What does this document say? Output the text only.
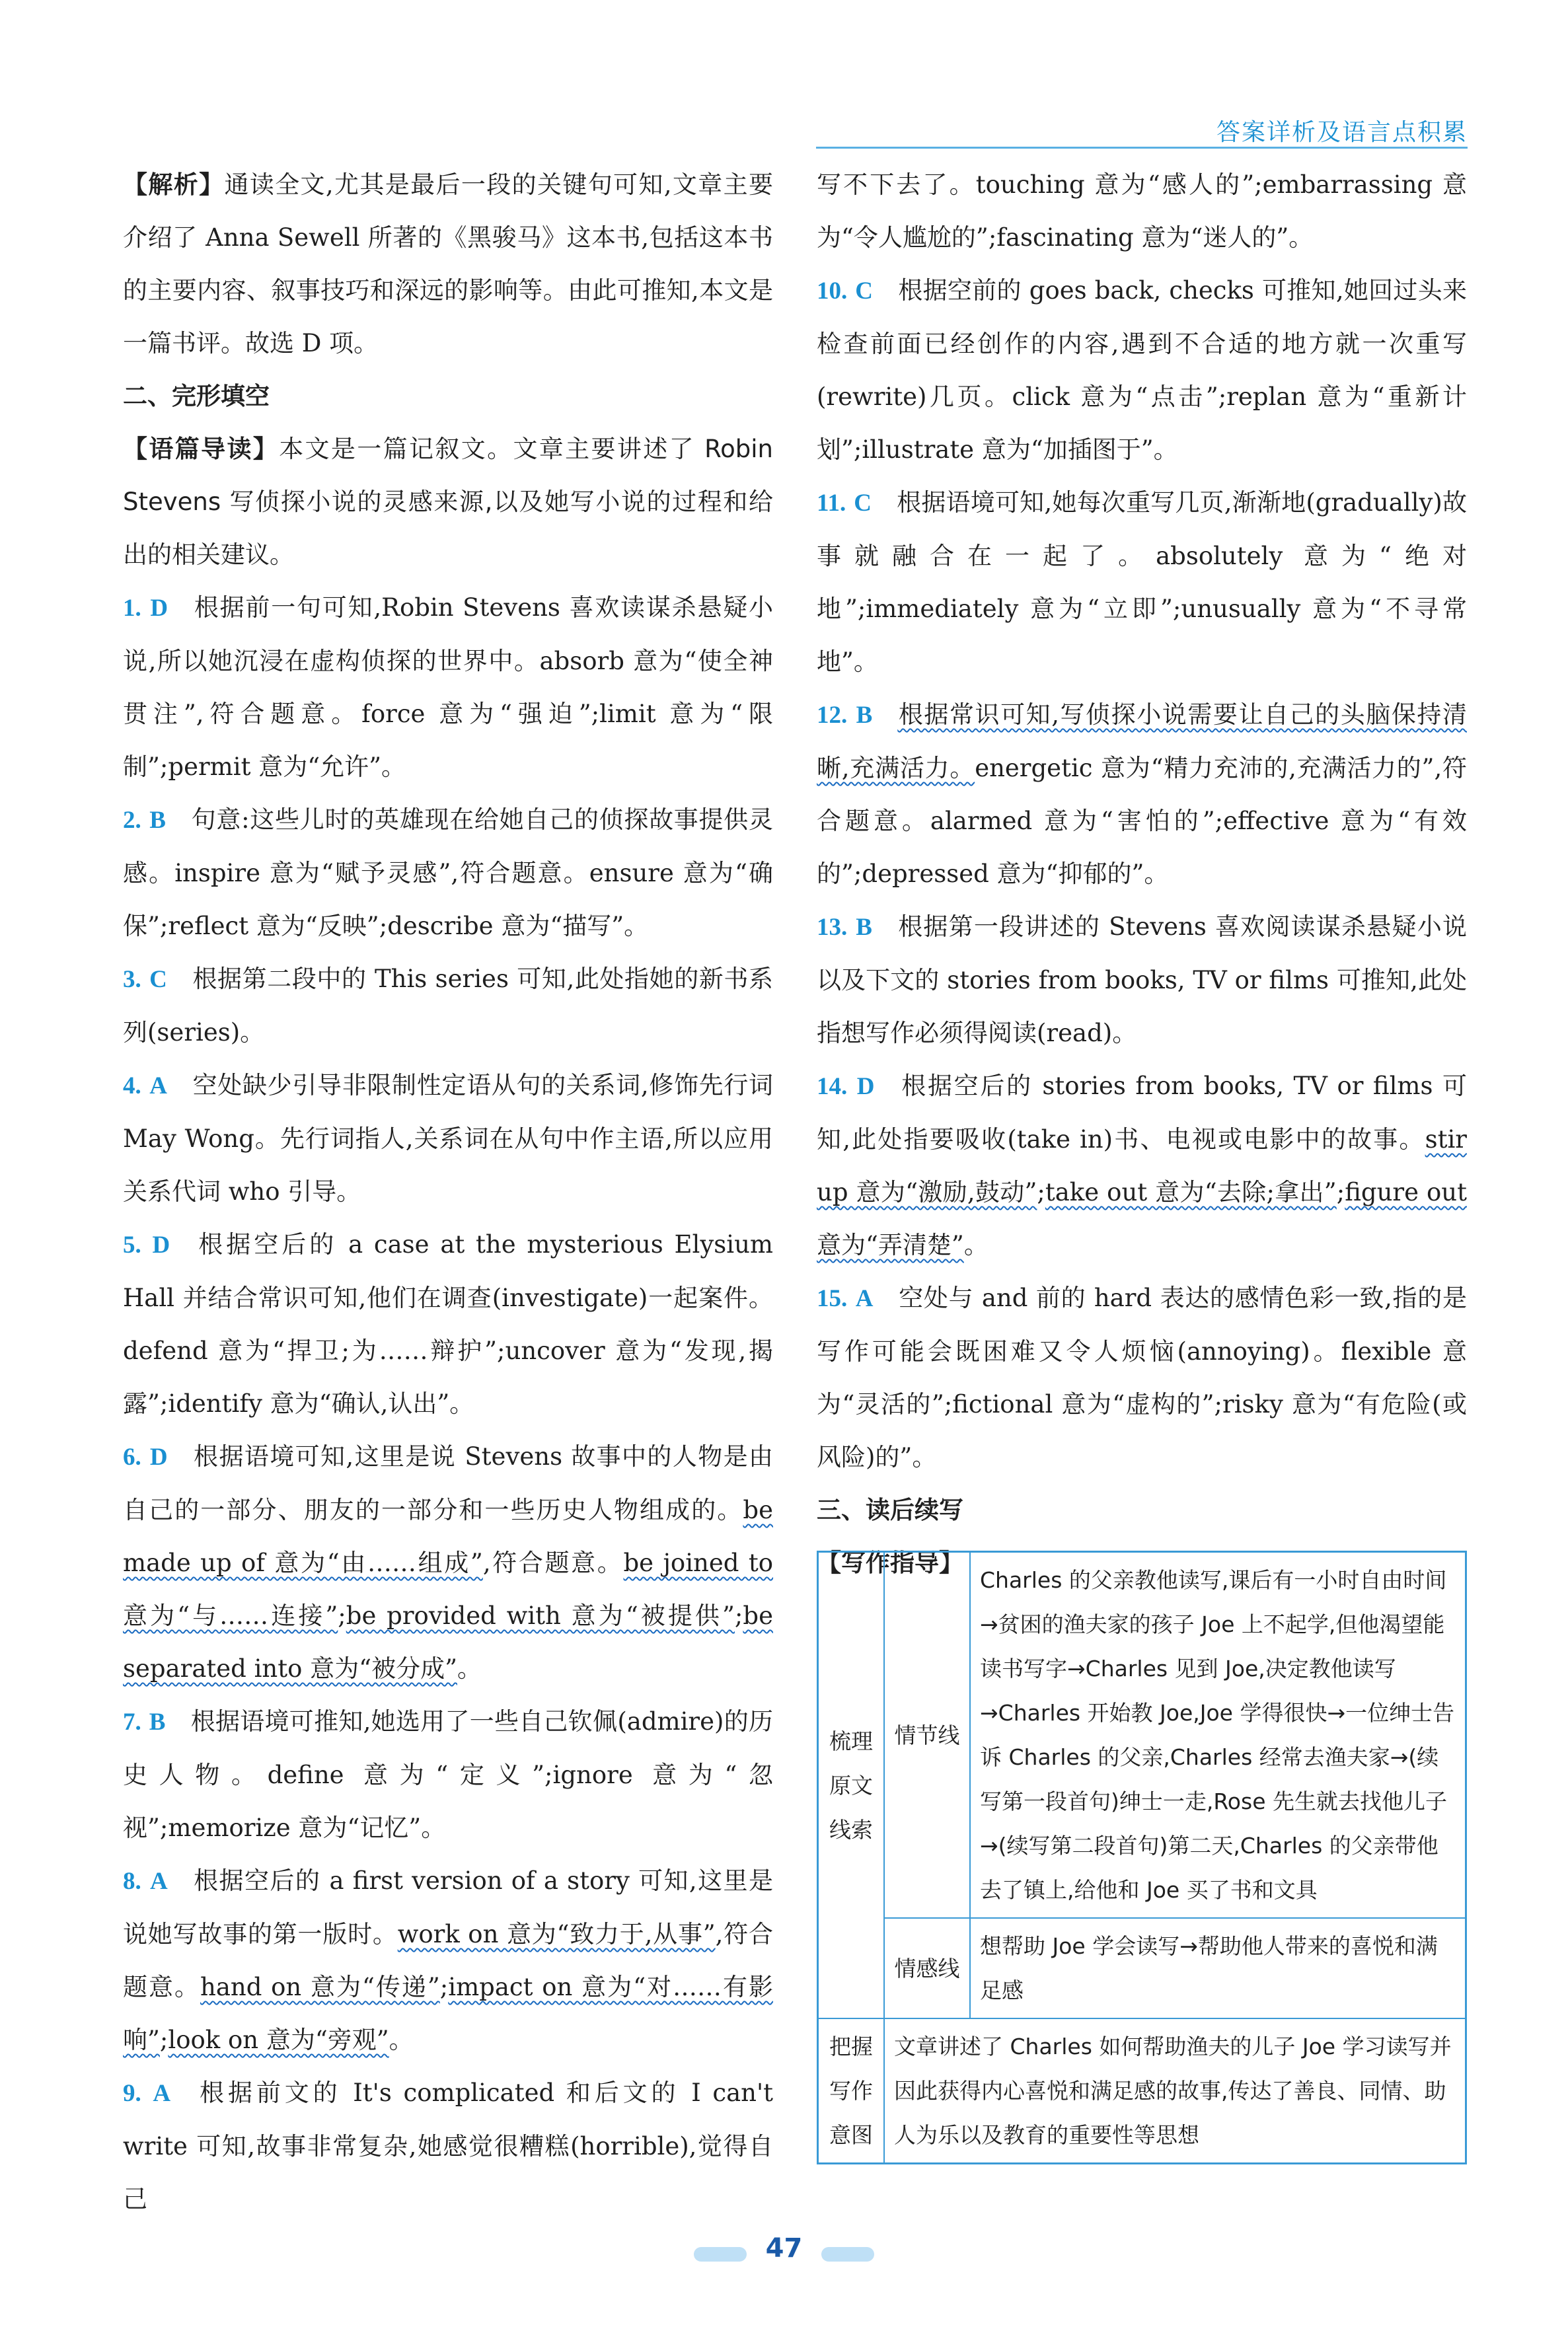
答案详析及语言点积累

【解析】通读全文,尤其是最后一段的关键句可知,文章主要介绍了 Anna Sewell 所著的《黑骏马》这本书,包括这本书的主要内容、叙事技巧和深远的影响等。由此可推知,本文是一篇书评。故选 D 项。

二、完形填空

【语篇导读】本文是一篇记叙文。文章主要讲述了 Robin Stevens 写侦探小说的灵感来源,以及她写小说的过程和给出的相关建议。

1. D 根据前一句可知,Robin Stevens 喜欢读谋杀悬疑小说,所以她沉浸在虚构侦探的世界中。absorb 意为“使全神贯注”,符合题意。force 意为“强迫”;limit 意为“限制”;permit 意为“允许”。

2. B 句意:这些儿时的英雄现在给她自己的侦探故事提供灵感。inspire 意为“赋予灵感”,符合题意。ensure 意为“确保”;reflect 意为“反映”;describe 意为“描写”。

3. C 根据第二段中的 This series 可知,此处指她的新书系列(series)。

4. A 空处缺少引导非限制性定语从句的关系词,修饰先行词 May Wong。先行词指人,关系词在从句中作主语,所以应用关系代词 who 引导。

5. D 根据空后的 a case at the mysterious Elysium Hall 并结合常识可知,他们在调查(investigate)一起案件。defend 意为“捍卫;为……辩护”;uncover 意为“发现,揭露”;identify 意为“确认,认出”。

6. D 根据语境可知,这里是说 Stevens 故事中的人物是由自己的一部分、朋友的一部分和一些历史人物组成的。be made up of 意为“由……组成”,符合题意。be joined to 意为“与……连接”;be provided with 意为“被提供”;be separated into 意为“被分成”。

7. B 根据语境可推知,她选用了一些自己钦佩(admire)的历史人物。define 意为“定义”;ignore 意为“忽视”;memorize 意为“记忆”。

8. A 根据空后的 a first version of a story 可知,这里是说她写故事的第一版时。work on 意为“致力于,从事”,符合题意。hand on 意为“传递”;impact on 意为“对……有影响”;look on 意为“旁观”。

9. A 根据前文的 It's complicated 和后文的 I can't write 可知,故事非常复杂,她感觉很糟糕(horrible),觉得自己

写不下去了。touching 意为“感人的”;embarrassing 意为“令人尴尬的”;fascinating 意为“迷人的”。

10. C 根据空前的 goes back, checks 可推知,她回过头来检查前面已经创作的内容,遇到不合适的地方就一次重写(rewrite)几页。click 意为“点击”;replan 意为“重新计划”;illustrate 意为“加插图于”。

11. C 根据语境可知,她每次重写几页,渐渐地(gradually)故事就融合在一起了。absolutely 意为“绝对地”;immediately 意为“立即”;unusually 意为“不寻常地”。

12. B 根据常识可知,写侦探小说需要让自己的头脑保持清晰,充满活力。energetic 意为“精力充沛的,充满活力的”,符合题意。alarmed 意为“害怕的”;effective 意为“有效的”;depressed 意为“抑郁的”。

13. B 根据第一段讲述的 Stevens 喜欢阅读谋杀悬疑小说以及下文的 stories from books, TV or films 可推知,此处指想写作必须得阅读(read)。

14. D 根据空后的 stories from books, TV or films 可知,此处指要吸收(take in)书、电视或电影中的故事。stir up 意为“激励,鼓动”;take out 意为“去除;拿出”;figure out 意为“弄清楚”。

15. A 空处与 and 前的 hard 表达的感情色彩一致,指的是写作可能会既困难又令人烦恼(annoying)。flexible 意为“灵活的”;fictional 意为“虚构的”;risky 意为“有危险(或风险)的”。

三、读后续写

【写作指导】

梳理原文线索	情节线	Charles 的父亲教他读写,课后有一小时自由时间→贫困的渔夫家的孩子 Joe 上不起学,但他渴望能读书写字→Charles 见到 Joe,决定教他读写→Charles 开始教 Joe,Joe 学得很快→一位绅士告诉 Charles 的父亲,Charles 经常去渔夫家→(续写第一段首句)绅士一走,Rose 先生就去找他儿子→(续写第二段首句)第二天,Charles 的父亲带他去了镇上,给他和 Joe 买了书和文具
	情感线	想帮助 Joe 学会读写→帮助他人带来的喜悦和满足感
把握写作意图	文章讲述了 Charles 如何帮助渔夫的儿子 Joe 学习读写并因此获得内心喜悦和满足感的故事,传达了善良、同情、助人为乐以及教育的重要性等思想	
47
